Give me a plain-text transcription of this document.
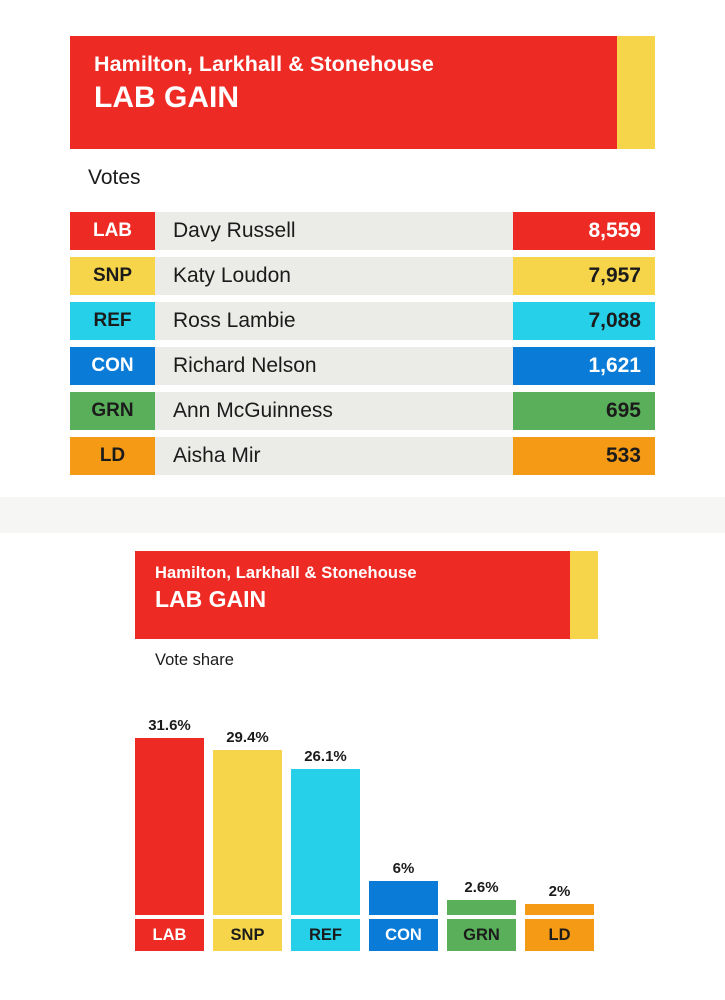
Hamilton, Larkhall & Stonehouse
LAB GAIN
Votes
LAB	Davy Russell	8,559
SNP	Katy Loudon	7,957
REF	Ross Lambie	7,088
CON	Richard Nelson	1,621
GRN	Ann McGuinness	695
LD	Aisha Mir	533
Hamilton, Larkhall & Stonehouse
LAB GAIN
Vote share
31.6%
29.4%
26.1%
6%
2.6%	2%
LAB	SNP	REF	CON	GRN	LD
